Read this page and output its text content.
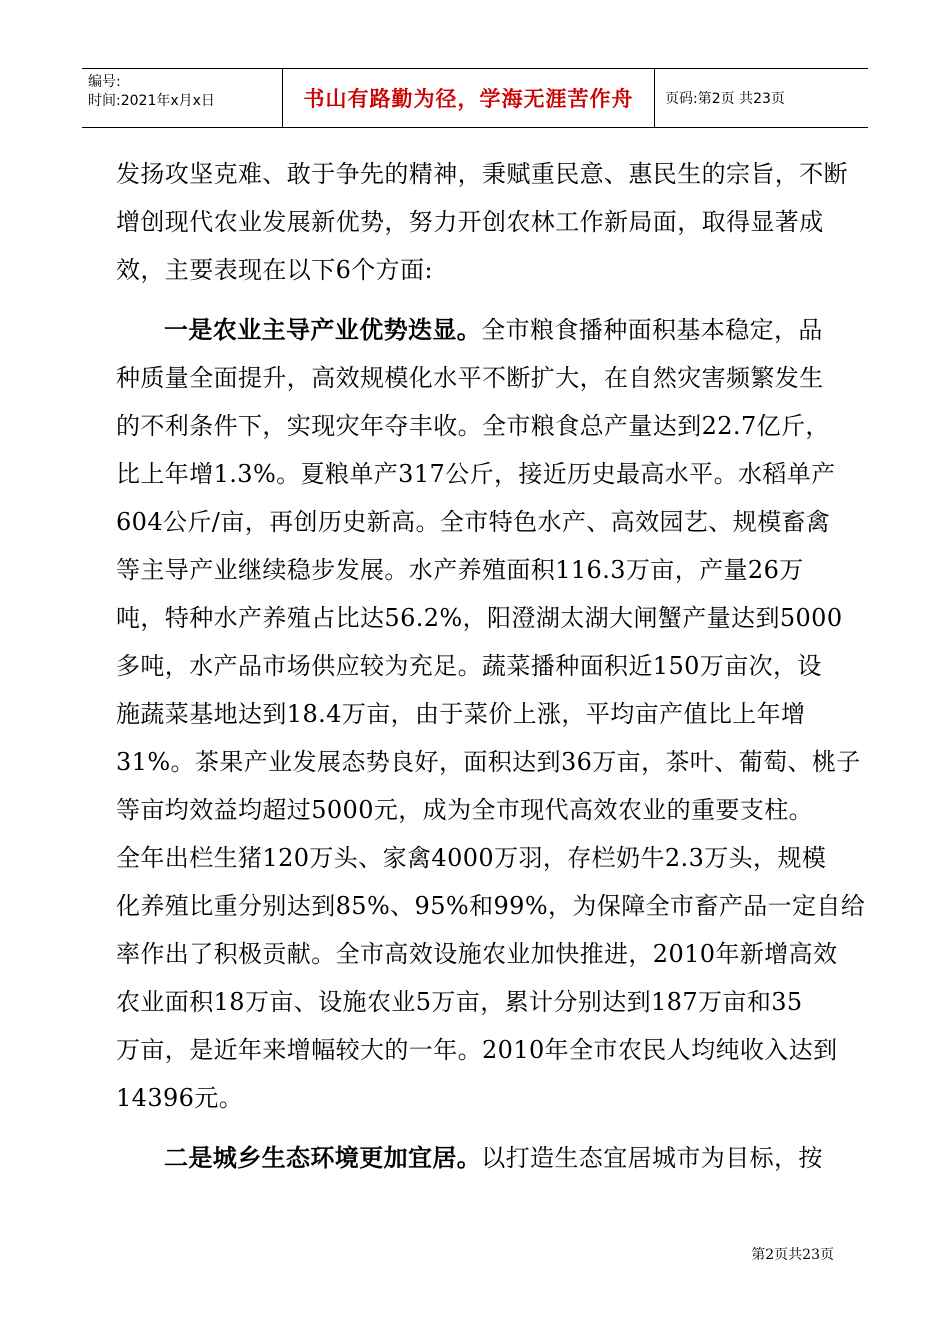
编号:
时间:2021年x月x日	书山有路勤为径，学海无涯苦作舟	页码:第2页 共23页
发扬攻坚克难、敢于争先的精神，秉赋重民意、惠民生的宗旨，不断
增创现代农业发展新优势，努力开创农林工作新局面，取得显著成
效，主要表现在以下6个方面:
一是农业主导产业优势迭显。全市粮食播种面积基本稳定，品
种质量全面提升，高效规模化水平不断扩大，在自然灾害频繁发生
的不利条件下，实现灾年夺丰收。全市粮食总产量达到22.7亿斤，
比上年增1.3%。夏粮单产317公斤，接近历史最高水平。水稻单产
604公斤/亩，再创历史新高。全市特色水产、高效园艺、规模畜禽
等主导产业继续稳步发展。水产养殖面积116.3万亩，产量26万
吨，特种水产养殖占比达56.2%，阳澄湖太湖大闸蟹产量达到5000
多吨，水产品市场供应较为充足。蔬菜播种面积近150万亩次，设
施蔬菜基地达到18.4万亩，由于菜价上涨，平均亩产值比上年增
31%。茶果产业发展态势良好，面积达到36万亩，茶叶、葡萄、桃子
等亩均效益均超过5000元，成为全市现代高效农业的重要支柱。
全年出栏生猪120万头、家禽4000万羽，存栏奶牛2.3万头，规模
化养殖比重分别达到85%、95%和99%，为保障全市畜产品一定自给
率作出了积极贡献。全市高效设施农业加快推进，2010年新增高效
农业面积18万亩、设施农业5万亩，累计分别达到187万亩和35
万亩，是近年来增幅较大的一年。2010年全市农民人均纯收入达到
14396元。
二是城乡生态环境更加宜居。以打造生态宜居城市为目标，按
第2页共23页
